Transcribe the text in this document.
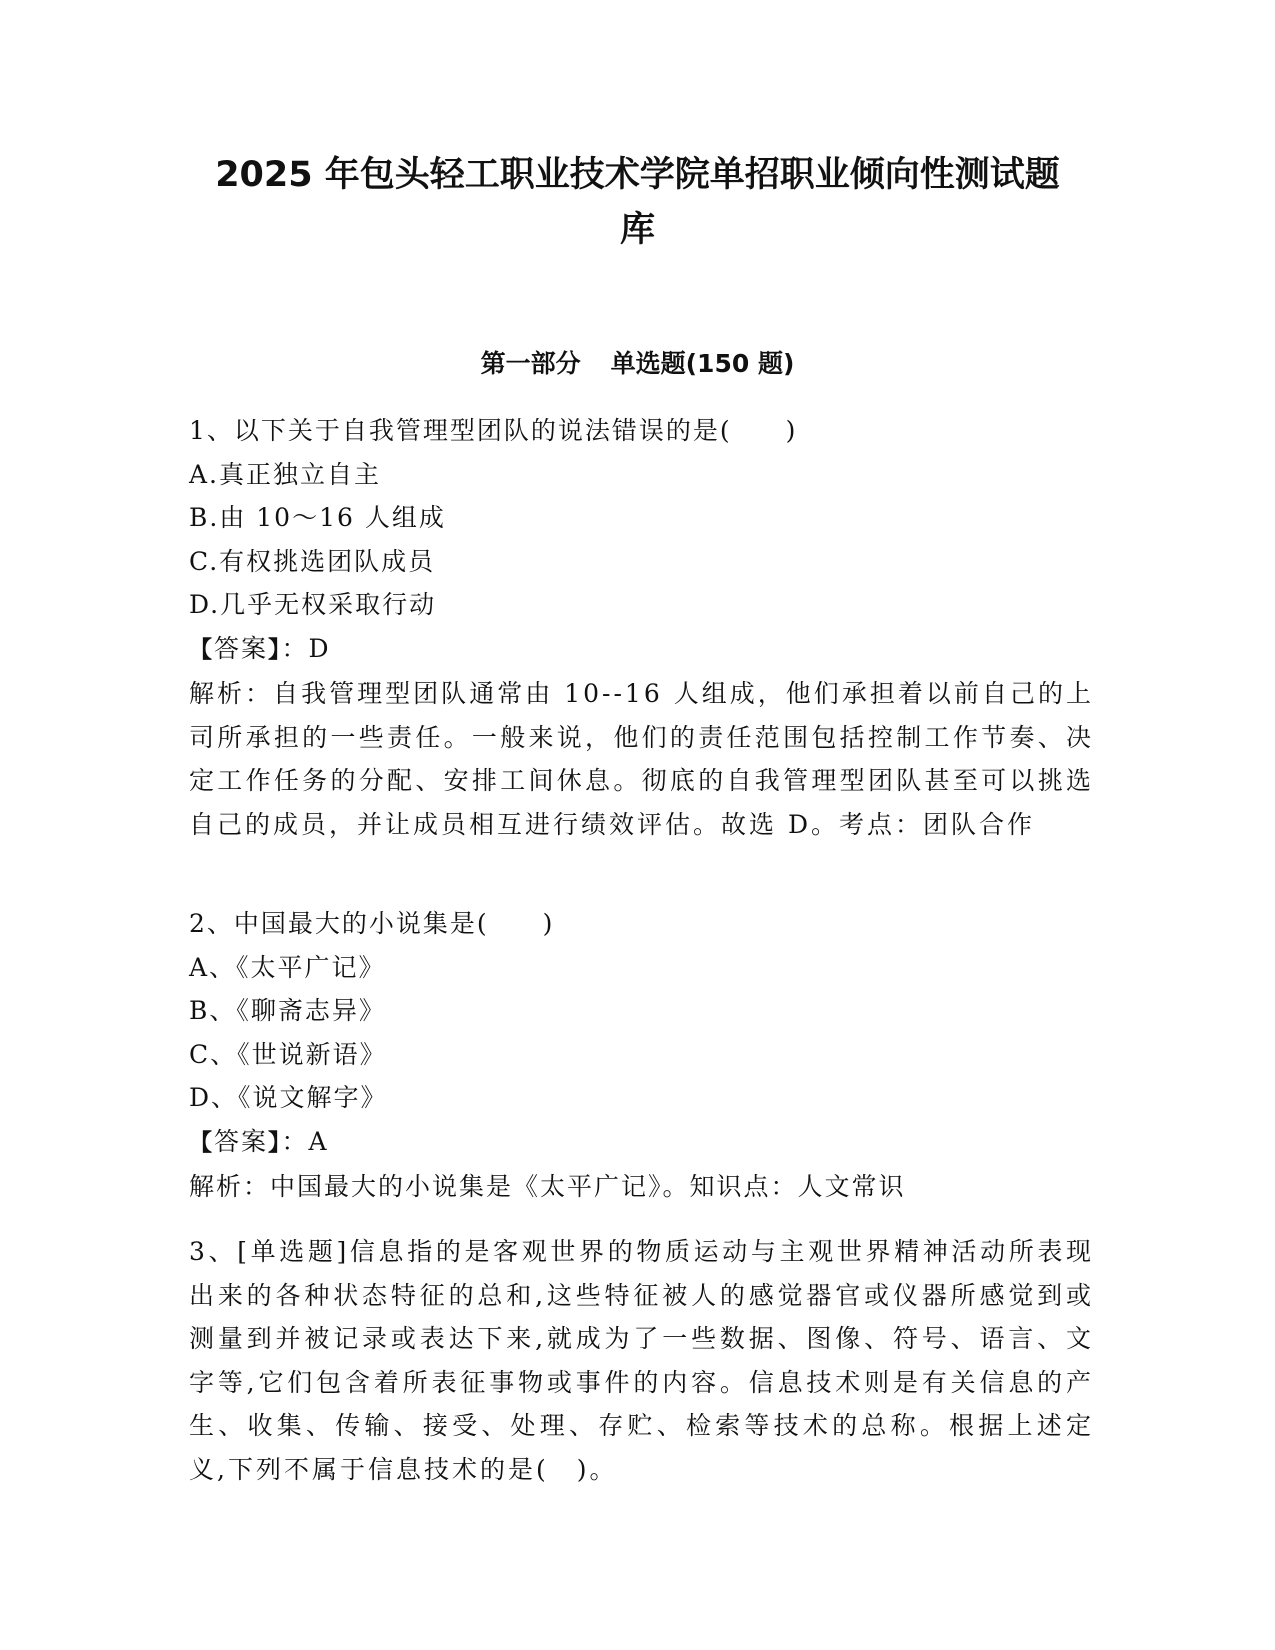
2025 年包头轻工职业技术学院单招职业倾向性测试题
库
第一部分 单选题(150 题)
1、以下关于自我管理型团队的说法错误的是(　　)
A.真正独立自主
B.由 10～16 人组成
C.有权挑选团队成员
D.几乎无权采取行动
【答案】：D
解析：自我管理型团队通常由 10--16 人组成，他们承担着以前自己的上司所承担的一些责任。一般来说，他们的责任范围包括控制工作节奏、决定工作任务的分配、安排工间休息。彻底的自我管理型团队甚至可以挑选自己的成员，并让成员相互进行绩效评估。故选 D。考点：团队合作
2、中国最大的小说集是(　　)
A、《太平广记》
B、《聊斋志异》
C、《世说新语》
D、《说文解字》
【答案】：A
解析：中国最大的小说集是《太平广记》。知识点：人文常识
3、[单选题]信息指的是客观世界的物质运动与主观世界精神活动所表现出来的各种状态特征的总和,这些特征被人的感觉器官或仪器所感觉到或测量到并被记录或表达下来,就成为了一些数据、图像、符号、语言、文字等,它们包含着所表征事物或事件的内容。信息技术则是有关信息的产生、收集、传输、接受、处理、存贮、检索等技术的总称。根据上述定义,下列不属于信息技术的是(　)。
